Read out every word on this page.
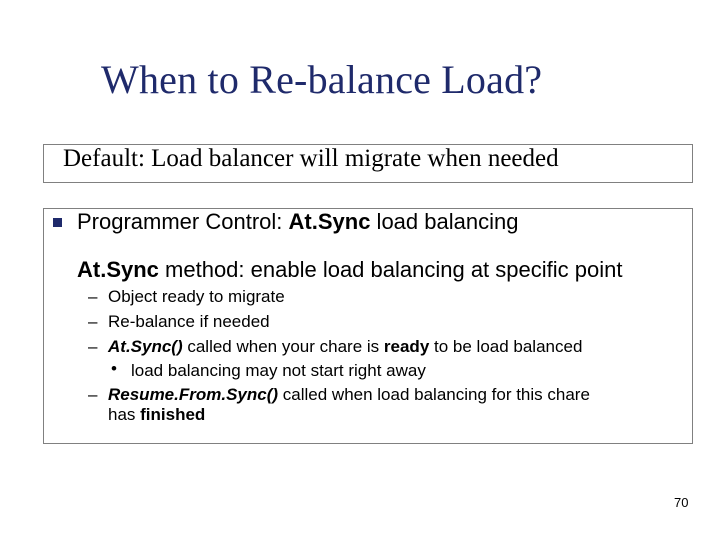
When to Re-balance Load?
Default: Load balancer will migrate when needed
Programmer Control: At.Sync load balancing
At.Sync method: enable load balancing at specific point
– Object ready to migrate
– Re-balance if needed
– At.Sync() called when your chare is ready to be load balanced
• load balancing may not start right away
– Resume.From.Sync() called when load balancing for this chare
has finished
70
